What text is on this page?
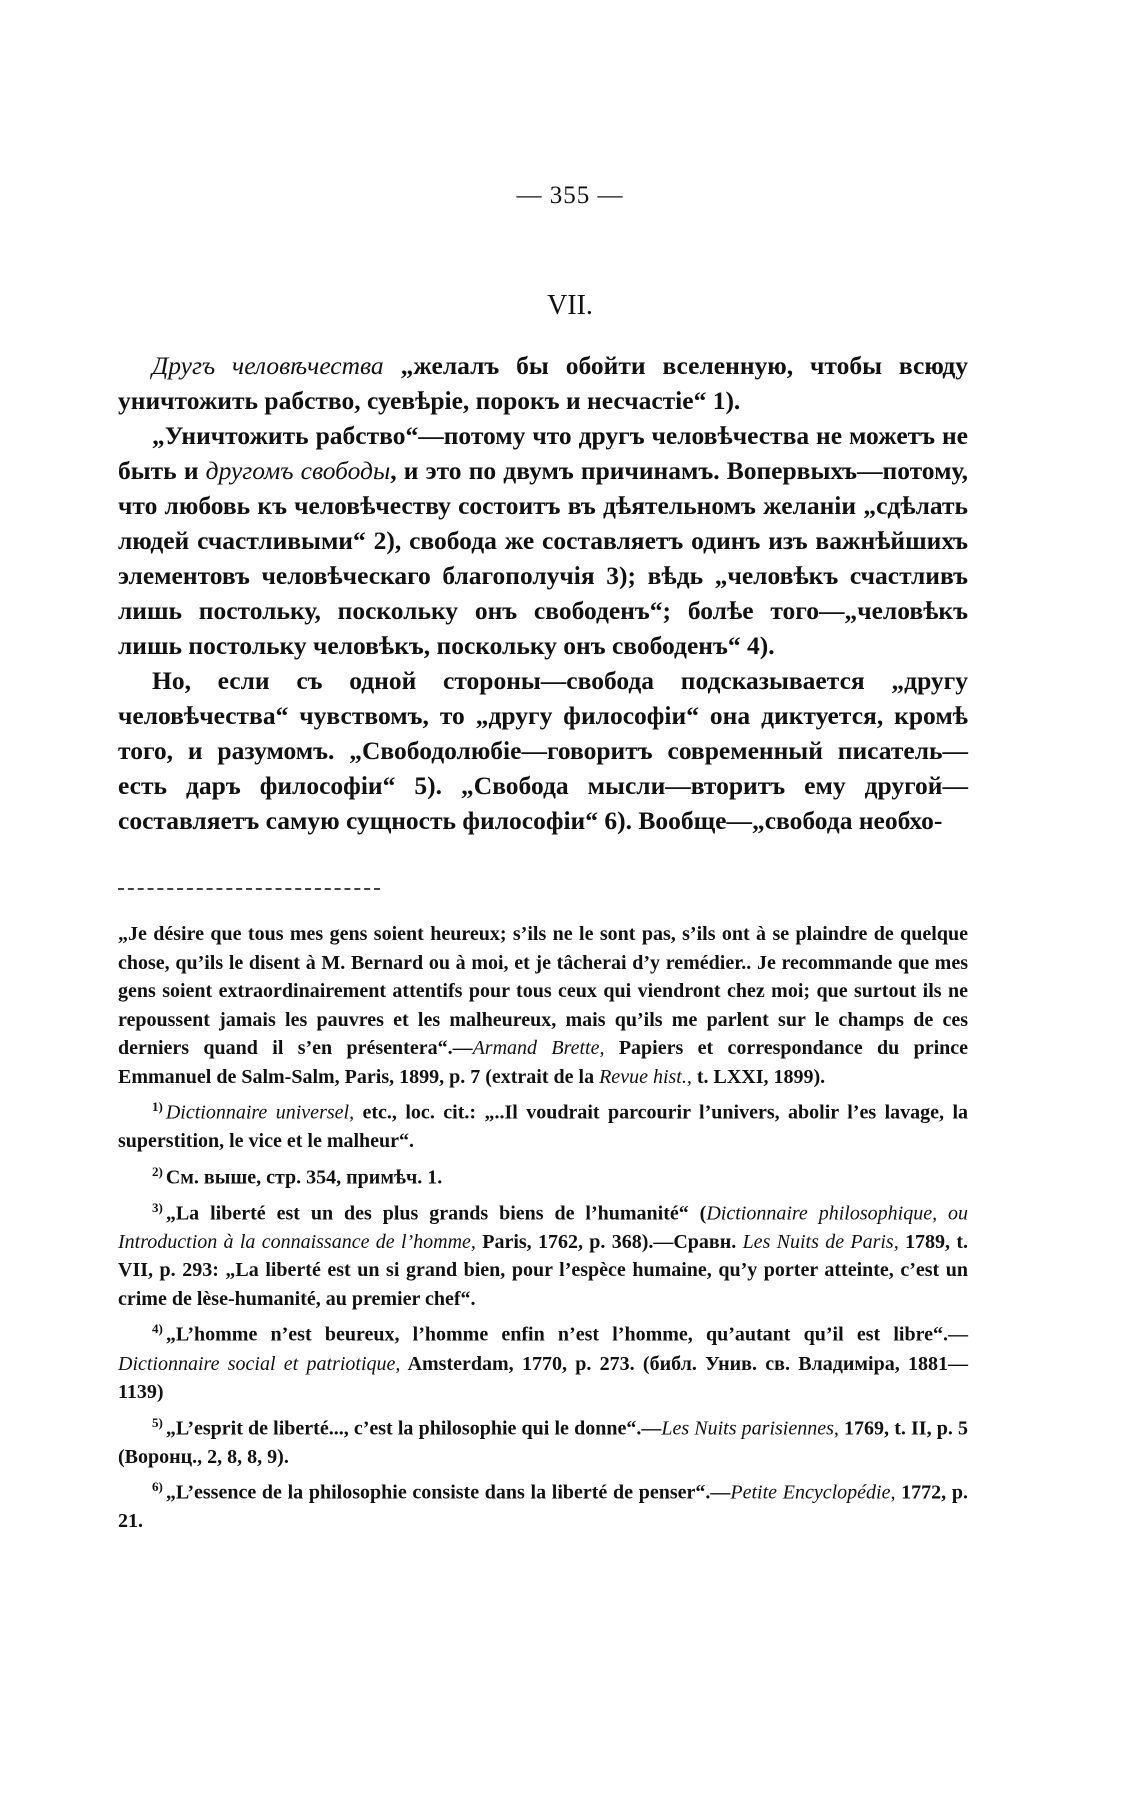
— 355 —
VII.

Другъ человѣчества „желалъ бы обойти вселенную, чтобы всюду уничтожить рабство, суевѣріе, порокъ и несчастіе“ 1).

„Уничтожить рабство“—потому что другъ человѣчества не можетъ не быть и другомъ свободы, и это по двумъ причинамъ. Вопервыхъ—потому, что любовь къ человѣчеству состоитъ въ дѣятельномъ желаніи „сдѣлать людей счастливыми“ 2), свобода же составляетъ одинъ изъ важнѣйшихъ элементовъ человѣческаго благополучія 3); вѣдь „человѣкъ счастливъ лишь постольку, поскольку онъ свободенъ“; болѣе того—„человѣкъ лишь постольку человѣкъ, поскольку онъ свободенъ“ 4).

Но, если съ одной стороны—свобода подсказывается „другу человѣчества“ чувствомъ, то „другу философіи“ она диктуется, кромѣ того, и разумомъ. „Свободолюбіе—говоритъ современный писатель—есть даръ философіи“ 5). „Свобода мысли—вторитъ ему другой—составляетъ самую сущность философіи“ 6). Вообще—„свобода необхо-

„Je désire que tous mes gens soient heureux; s’ils ne le sont pas, s’ils ont à se plaindre de quelque chose, qu’ils le disent à M. Bernard ou à moi, et je tâcherai d’y remédier.. Je recommande que mes gens soient extraordinairement attentifs pour tous ceux qui viendront chez moi; que surtout ils ne repoussent jamais les pauvres et les malheureux, mais qu’ils me parlent sur le champs de ces derniers quand il s’en présentera“.—Armand Brette, Papiers et correspondance du prince Emmanuel de Salm-Salm, Paris, 1899, p. 7 (extrait de la Revue hist., t. LXXI, 1899).

$^{1)}$ Dictionnaire universel, etc., loc. cit.: „..Il voudrait parcourir l’univers, abolir l’es lavage, la superstition, le vice et le malheur“.

$^{2)}$ См. выше, стр. 354, примѣч. 1.

$^{3)}$ „La liberté est un des plus grands biens de l’humanité“ (Dictionnaire philosophique, ou Introduction à la connaissance de l’homme, Paris, 1762, p. 368).—Сравн. Les Nuits de Paris, 1789, t. VII, p. 293: „La liberté est un si grand bien, pour l’espèce humaine, qu’y porter atteinte, c’est un crime de lèse-humanité, au premier chef“.

$^{4)}$ „L’homme n’est beureux, l’homme enfin n’est l’homme, qu’autant qu’il est libre“.—Dictionnaire social et patriotique, Amsterdam, 1770, p. 273. (библ. Унив. св. Владиміра, 1881—1139)

$^{5)}$ „L’esprit de liberté..., c’est la philosophie qui le donne“.—Les Nuits parisiennes, 1769, t. II, p. 5 (Воронц., 2, 8, 8, 9).

$^{6)}$ „L’essence de la philosophie consiste dans la liberté de penser“.—Petite Encyclopédie, 1772, p. 21.
